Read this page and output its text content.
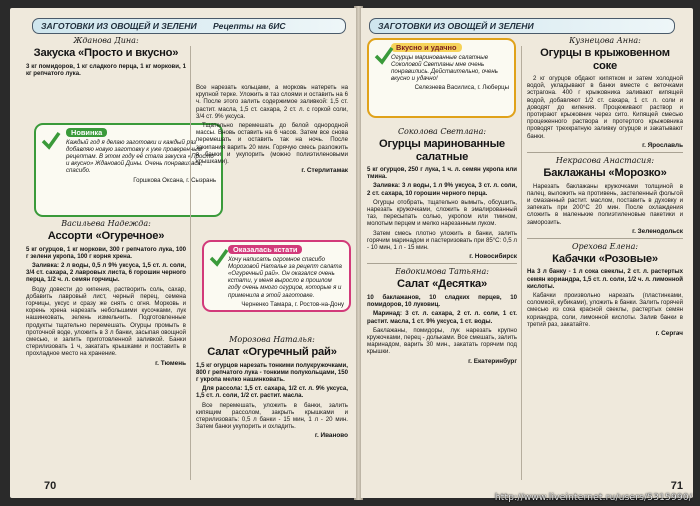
ЗАГОТОВКИ ИЗ ОВОЩЕЙ И ЗЕЛЕНИ Рецепты на 6ИС
Жданова Дина:
Закуска «Просто и вкусно»

3 кг помидоров, 1 кг сладкого перца, 1 кг моркови, 1 кг репчатого лука.

Новинка
Каждый год я делаю заготовки и каждый раз добавляю новую заготовку к уже проверенным рецептам. В этом году её стала закуска «Просто и вкусно» Ждановой Дины. Очень понравилась, спасибо.
Горшкова Оксана, г. Сызрань
Васильева Надежда:
Ассорти «Огуречное»

5 кг огурцов, 1 кг моркови, 300 г репчатого лука, 100 г зелени укропа, 100 г корня хрена.

Заливка: 2 л воды, 0,5 л 9% уксуса, 1,5 ст. л. соли, 3/4 ст. сахара, 2 лавровых листа, 6 горошин черного перца, 1/2 ч. л. семян горчицы.

Воду довести до кипения, растворить соль, сахар, добавить лавровый лист, черный перец, семена горчицы, уксус и сразу же снять с огня. Морковь и корень хрена нарезать небольшими кусочками, лук нашинковать, зелень измельчить. Подготовленные продукты тщательно перемешать. Огурцы промыть в проточной воде, уложить в 3 л банки, засыпая овощной смесью, и залить приготовленной заливкой. Банки стерилизовать 1 ч, закатать крышками и поставить в прохладное место на хранение.

г. Тюмень

Все нарезать кольцами, а морковь натереть на крупной терке. Уложить в таз слоями и оставить на 6 ч. После этого залить содержимое заливкой: 1,5 ст. растит. масла, 1,5 ст. сахара, 2 ст. л. с горкой соли, 3/4 ст. 9% уксуса.

Тщательно перемешать до белой однородной массы. Вновь оставить на 6 часов. Затем все снова перемешать и оставить так на ночь. После закипания варить 20 мин. Горячую смесь разложить в банки и укупорить (можно полиэтиленовыми крышками).

г. Стерлитамак
Оказалась кстати
Хочу написать огромное спасибо Морозовой Наталье за рецепт салата «Огуречный рай». Он оказался очень кстати, у меня выросло в прошлом году очень много огурцов, которые я и применила в этой заготовке.
Черненко Тамара, г. Ростов-на-Дону
Морозова Наталья:
Салат «Огуречный рай»

1,5 кг огурцов нарезать тонкими полукружочками, 800 г репчатого лука - тонкими полукольцами, 150 г укропа мелко нашинковать.

Для рассола: 1,5 ст. сахара, 1/2 ст. л. 9% уксуса, 1,5 ст. л. соли, 1/2 ст. растит. масла.

Все перемешать, уложить в банки, залить кипящим рассолом, закрыть крышками и стерилизовать: 0,5 л банки - 15 мин, 1 л - 20 мин. Затем банки укупорить и охладить.

г. Иваново
70
ЗАГОТОВКИ ИЗ ОВОЩЕЙ И ЗЕЛЕНИ
Вкусно и удачно
Огурцы маринованные салатные Соколовой Светланы мне очень понравились. Действительно, очень вкусно и удачно!
Селезнева Василиса, г. Люберцы
Соколова Светлана:
Огурцы маринованные салатные

5 кг огурцов, 250 г лука, 1 ч. л. семян укропа или тмина.

Заливка: 3 л воды, 1 л 9% уксуса, 3 ст. л. соли, 2 ст. сахара, 10 горошин черного перца.

Огурцы отобрать, тщательно вымыть, обсушить, нарезать кружочками, сложить в эмалированный таз, пересыпать солью, укропом или тмином, молотым перцем и мелко нарезанным луком.

Затем смесь плотно уложить в банки, залить горячим маринадом и пастеризовать при 85°C: 0,5 л - 10 мин, 1 л - 15 мин.

г. Новосибирск
Евдокимова Татьяна:
Салат «Десятка»

10 баклажанов, 10 сладких перцев, 10 помидоров, 10 луковиц.

Маринад: 3 ст. л. сахара, 2 ст. л. соли, 1 ст. растит. масла, 1 ст. 9% уксуса, 1 ст. воды.

Баклажаны, помидоры, лук нарезать крупно кружочками, перец - дольками. Все смешать, залить маринадом, варить 30 мин., закатать горячим под крышки.

г. Екатеринбург
Кузнецова Анна:
Огурцы в крыжовенном соке

2 кг огурцов обдают кипятком и затем холодной водой, укладывают в банки вместе с веточками эстрагона. 400 г крыжовника заливают кипящей водой, добавляют 1/2 ст. сахара, 1 ст. л. соли и доводят до кипения. Процеживают раствор и протирают крыжовник через сито. Кипящей смесью процеженного раствора и протертого крыжовника проводят трехкратную заливку огурцов и закатывают банки.

г. Ярославль
Некрасова Анастасия:
Баклажаны «Морозко»

Нарезать баклажаны кружочками толщиной в палец, выложить на противень, застеленный фольгой и смазанный растит. маслом, поставить в духовку и запекать при 200°C 20 мин. После охлаждения сложить в маленькие полиэтиленовые пакетики и заморозить.

г. Зеленодольск
Орехова Елена:
Кабачки «Розовые»

На 3 л банку - 1 л сока свеклы, 2 ст. л. растертых семян кориандра, 1,5 ст. л. соли, 1/2 ч. л. лимонной кислоты.

Кабачки произвольно нарезать (пластинками, соломкой, кубиками), уложить в банки. Залить горячей смесью из сока красной свеклы, растертых семян кориандра, соли, лимонной кислоты. Залив банки в третий раз, закатайте.

г. Сергач
71
http://www.liveinternet.ru/users/5315990/
